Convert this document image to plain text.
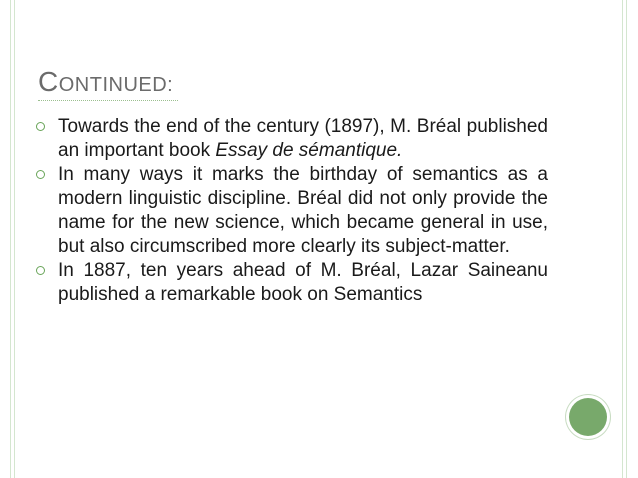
CONTINUED:
Towards the end of the century (1897), M. Bréal published an important book Essay de sémantique.
In many ways it marks the birthday of semantics as a modern linguistic discipline. Bréal did not only provide the name for the new science, which became general in use, but also circumscribed more clearly its subject-matter.
In 1887, ten years ahead of M. Bréal, Lazar Saineanu published a remarkable book on Semantics
